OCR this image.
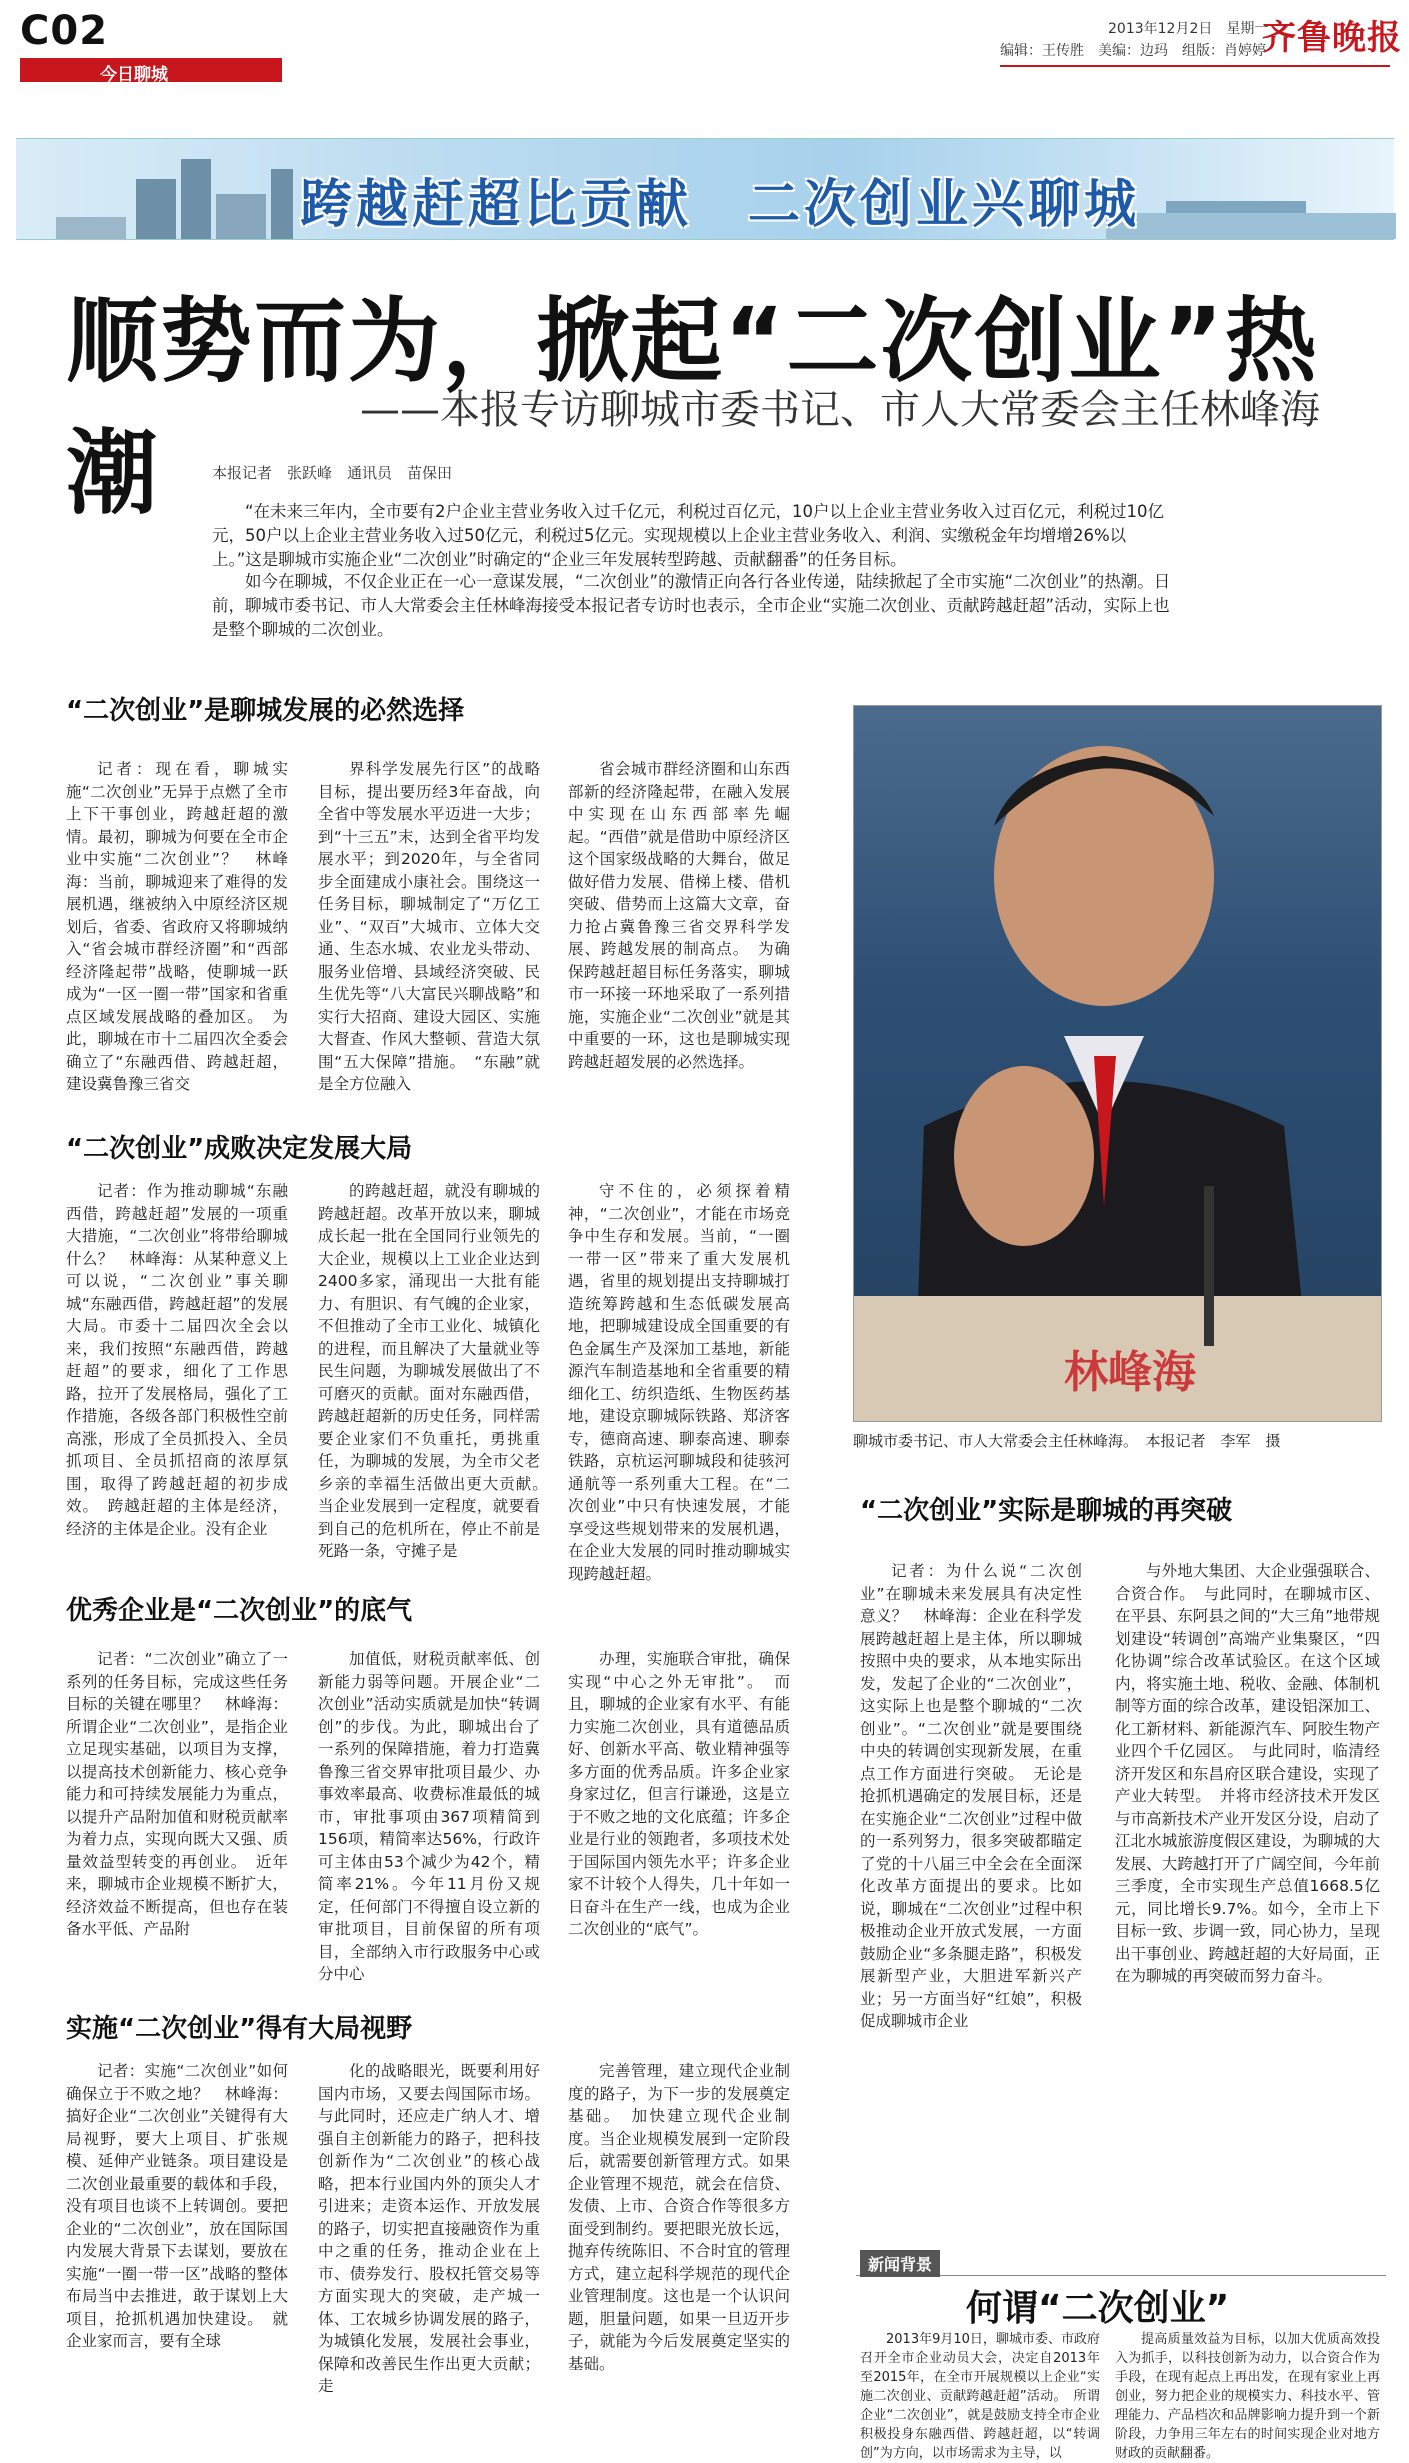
C02
今日聊城
2013年12月2日　星期一
编辑：王传胜　美编：边玛　组版：肖婷婷
齐鲁晚报
跨越赶超比贡献　二次创业兴聊城
顺势而为，掀起“二次创业”热潮
——本报专访聊城市委书记、市人大常委会主任林峰海
本报记者　张跃峰　通讯员　苗保田

“在未来三年内，全市要有2户企业主营业务收入过千亿元，利税过百亿元，10户以上企业主营业务收入过百亿元，利税过10亿元，50户以上企业主营业务收入过50亿元，利税过5亿元。实现规模以上企业主营业务收入、利润、实缴税金年均增增26%以上。”这是聊城市实施企业“二次创业”时确定的“企业三年发展转型跨越、贡献翻番”的任务目标。

如今在聊城，不仅企业正在一心一意谋发展，“二次创业”的激情正向各行各业传递，陆续掀起了全市实施“二次创业”的热潮。日前，聊城市委书记、市人大常委会主任林峰海接受本报记者专访时也表示，全市企业“实施二次创业、贡献跨越赶超”活动，实际上也是整个聊城的二次创业。

“二次创业”是聊城发展的必然选择

记者：现在看，聊城实施“二次创业”无异于点燃了全市上下干事创业，跨越赶超的激情。最初，聊城为何要在全市企业中实施“二次创业”？　林峰海：当前，聊城迎来了难得的发展机遇，继被纳入中原经济区规划后，省委、省政府又将聊城纳入“省会城市群经济圈”和“西部经济隆起带”战略，使聊城一跃成为“一区一圈一带”国家和省重点区域发展战略的叠加区。　为此，聊城在市十二届四次全委会确立了“东融西借、跨越赶超，建设冀鲁豫三省交

界科学发展先行区”的战略目标，提出要历经3年奋战，向全省中等发展水平迈进一大步；到“十三五”末，达到全省平均发展水平；到2020年，与全省同步全面建成小康社会。围绕这一任务目标，聊城制定了“万亿工业”、“双百”大城市、立体大交通、生态水城、农业龙头带动、服务业倍增、县域经济突破、民生优先等“八大富民兴聊战略”和实行大招商、建设大园区、实施大督查、作风大整顿、营造大氛围“五大保障”措施。　“东融”就是全方位融入

省会城市群经济圈和山东西部新的经济隆起带，在融入发展中实现在山东西部率先崛起。“西借”就是借助中原经济区这个国家级战略的大舞台，做足做好借力发展、借梯上楼、借机突破、借势而上这篇大文章，奋力抢占冀鲁豫三省交界科学发展、跨越发展的制高点。　为确保跨越赶超目标任务落实，聊城市一环接一环地采取了一系列措施，实施企业“二次创业”就是其中重要的一环，这也是聊城实现跨越赶超发展的必然选择。

“二次创业”成败决定发展大局

记者：作为推动聊城“东融西借，跨越赶超”发展的一项重大措施，“二次创业”将带给聊城什么？　林峰海：从某种意义上可以说，“二次创业”事关聊城“东融西借，跨越赶超”的发展大局。市委十二届四次全会以来，我们按照“东融西借，跨越赶超”的要求，细化了工作思路，拉开了发展格局，强化了工作措施，各级各部门积极性空前高涨，形成了全员抓投入、全员抓项目、全员抓招商的浓厚氛围，取得了跨越赶超的初步成效。　跨越赶超的主体是经济，经济的主体是企业。没有企业

的跨越赶超，就没有聊城的跨越赶超。改革开放以来，聊城成长起一批在全国同行业领先的大企业，规模以上工业企业达到2400多家，涌现出一大批有能力、有胆识、有气魄的企业家，不但推动了全市工业化、城镇化的进程，而且解决了大量就业等民生问题，为聊城发展做出了不可磨灭的贡献。面对东融西借，跨越赶超新的历史任务，同样需要企业家们不负重托，勇挑重任，为聊城的发展，为全市父老乡亲的幸福生活做出更大贡献。　当企业发展到一定程度，就要看到自己的危机所在，停止不前是死路一条，守摊子是

守不住的，必须探着精神，“二次创业”，才能在市场竞争中生存和发展。当前，“一圈一带一区”带来了重大发展机遇，省里的规划提出支持聊城打造统筹跨越和生态低碳发展高地，把聊城建设成全国重要的有色金属生产及深加工基地，新能源汽车制造基地和全省重要的精细化工、纺织造纸、生物医药基地，建设京聊城际铁路、郑济客专，德商高速、聊泰高速、聊泰铁路，京杭运河聊城段和徒骇河通航等一系列重大工程。在“二次创业”中只有快速发展，才能享受这些规划带来的发展机遇，在企业大发展的同时推动聊城实现跨越赶超。

优秀企业是“二次创业”的底气

记者：“二次创业”确立了一系列的任务目标，完成这些任务目标的关键在哪里？　林峰海：所谓企业“二次创业”，是指企业立足现实基础，以项目为支撑，以提高技术创新能力、核心竞争能力和可持续发展能力为重点，以提升产品附加值和财税贡献率为着力点，实现向既大又强、质量效益型转变的再创业。　近年来，聊城市企业规模不断扩大，经济效益不断提高，但也存在装备水平低、产品附

加值低，财税贡献率低、创新能力弱等问题。开展企业“二次创业”活动实质就是加快“转调创”的步伐。为此，聊城出台了一系列的保障措施，着力打造冀鲁豫三省交界审批项目最少、办事效率最高、收费标准最低的城市，审批事项由367项精简到156项，精简率达56%，行政许可主体由53个减少为42个，精简率21%。今年11月份又规定，任何部门不得擅自设立新的审批项目，目前保留的所有项目，全部纳入市行政服务中心或分中心

办理，实施联合审批，确保实现“中心之外无审批”。　而且，聊城的企业家有水平、有能力实施二次创业，具有道德品质好、创新水平高、敬业精神强等多方面的优秀品质。许多企业家身家过亿，但言行谦逊，这是立于不败之地的文化底蕴；许多企业是行业的领跑者，多项技术处于国际国内领先水平；许多企业家不计较个人得失，几十年如一日奋斗在生产一线，也成为企业二次创业的“底气”。

实施“二次创业”得有大局视野

记者：实施“二次创业”如何确保立于不败之地？　林峰海：搞好企业“二次创业”关键得有大局视野，要大上项目、扩张规模、延伸产业链条。项目建设是二次创业最重要的载体和手段，没有项目也谈不上转调创。要把企业的“二次创业”，放在国际国内发展大背景下去谋划，要放在实施“一圈一带一区”战略的整体布局当中去推进，敢于谋划上大项目，抢抓机遇加快建设。　就企业家而言，要有全球

化的战略眼光，既要利用好国内市场，又要去闯国际市场。与此同时，还应走广纳人才、增强自主创新能力的路子，把科技创新作为“二次创业”的核心战略，把本行业国内外的顶尖人才引进来；走资本运作、开放发展的路子，切实把直接融资作为重中之重的任务，推动企业在上市、债券发行、股权托管交易等方面实现大的突破，走产城一体、工农城乡协调发展的路子，为城镇化发展，发展社会事业，保障和改善民生作出更大贡献；走

完善管理，建立现代企业制度的路子，为下一步的发展奠定基础。　加快建立现代企业制度。当企业规模发展到一定阶段后，就需要创新管理方式。如果企业管理不规范，就会在信贷、发债、上市、合资合作等很多方面受到制约。要把眼光放长远，抛弃传统陈旧、不合时宜的管理方式，建立起科学规范的现代企业管理制度。这也是一个认识问题，胆量问题，如果一旦迈开步子，就能为今后发展奠定坚实的基础。

林峰海
聊城市委书记、市人大常委会主任林峰海。　本报记者　李军　摄
“二次创业”实际是聊城的再突破

记者：为什么说“二次创业”在聊城未来发展具有决定性意义？　林峰海：企业在科学发展跨越赶超上是主体，所以聊城按照中央的要求，从本地实际出发，发起了企业的“二次创业”，这实际上也是整个聊城的“二次创业”。“二次创业”就是要围绕中央的转调创实现新发展，在重点工作方面进行突破。　无论是抢抓机遇确定的发展目标，还是在实施企业“二次创业”过程中做的一系列努力，很多突破都瞄定了党的十八届三中全会在全面深化改革方面提出的要求。比如说，聊城在“二次创业”过程中积极推动企业开放式发展，一方面鼓励企业“多条腿走路”，积极发展新型产业，大胆进军新兴产业；另一方面当好“红娘”，积极促成聊城市企业

与外地大集团、大企业强强联合、合资合作。　与此同时，在聊城市区、在平县、东阿县之间的“大三角”地带规划建设“转调创”高端产业集聚区，“四化协调”综合改革试验区。在这个区域内，将实施土地、税收、金融、体制机制等方面的综合改革，建设铝深加工、化工新材料、新能源汽车、阿胶生物产业四个千亿园区。　与此同时，临清经济开发区和东昌府区联合建设，实现了产业大转型。　并将市经济技术开发区与市高新技术产业开发区分设，启动了江北水城旅游度假区建设，为聊城的大发展、大跨越打开了广阔空间，今年前三季度，全市实现生产总值1668.5亿元，同比增长9.7%。如今，全市上下目标一致、步调一致，同心协力，呈现出干事创业、跨越赶超的大好局面，正在为聊城的再突破而努力奋斗。

新闻背景
何谓“二次创业”

2013年9月10日，聊城市委、市政府召开全市企业动员大会，决定自2013年至2015年，在全市开展规模以上企业“实施二次创业、贡献跨越赶超”活动。　所谓企业“二次创业”，就是鼓励支持全市企业积极投身东融西借、跨越赶超，以“转调创”为方向，以市场需求为主导，以

提高质量效益为目标，以加大优质高效投入为抓手，以科技创新为动力，以合资合作为手段，在现有起点上再出发，在现有家业上再创业，努力把企业的规模实力、科技水平、管理能力、产品档次和品牌影响力提升到一个新阶段，力争用三年左右的时间实现企业对地方财政的贡献翻番。
